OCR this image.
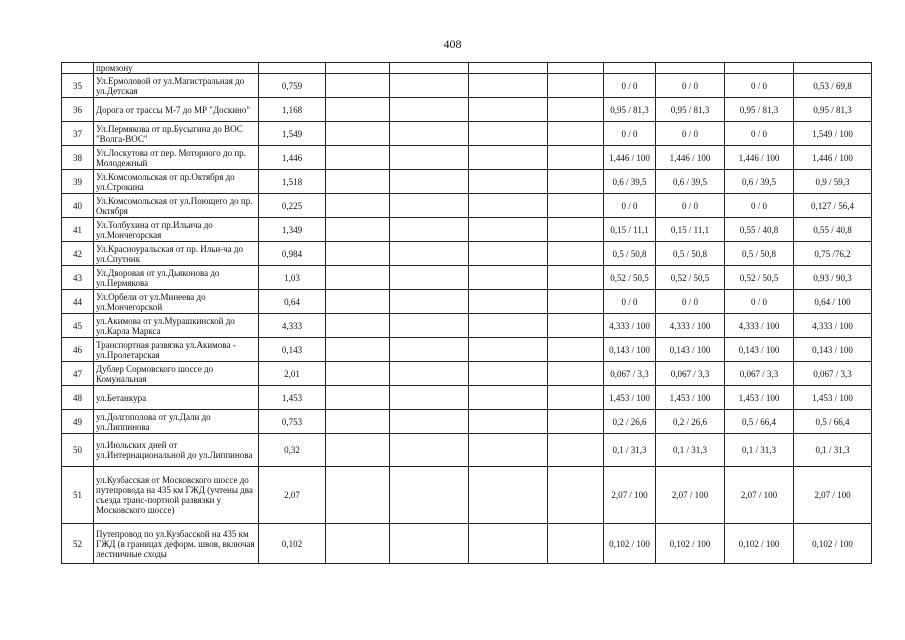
408
	промзону									
35	Ул.Ермоловой от ул.Магистральная до ул.Детская	0,759					0 / 0	0 / 0	0 / 0	0,53 / 69,8
36	Дорога от трассы М-7 до МР "Доскино"	1,168					0,95 / 81,3	0,95 / 81,3	0,95 / 81,3	0,95 / 81,3
37	Ул.Пермякова от пр.Бусыгина до ВОС "Волга-ВОС"	1,549					0 / 0	0 / 0	0 / 0	1,549 / 100
38	Ул.Лоскутова от пер. Моторного до пр. Молодежный	1,446					1,446 / 100	1,446 / 100	1,446 / 100	1,446 / 100
39	Ул.Комсомольская от пр.Октября до ул.Строкина	1,518					0,6 / 39,5	0,6 / 39,5	0,6 / 39,5	0,9 / 59,3
40	Ул.Комсомольская от ул.Поющего до пр. Октября	0,225					0 / 0	0 / 0	0 / 0	0,127 / 56,4
41	Ул.Толбухина от пр.Ильича до ул.Мончегорская	1,349					0,15 / 11,1	0,15 / 11,1	0,55 / 40,8	0,55 / 40,8
42	Ул.Красноуральская от пр. Ильи-ча до ул.Спутник	0,984					0,5 / 50,8	0,5 / 50,8	0,5 / 50,8	0,75 /76,2
43	Ул.Дворовая от ул.Дьяконова до ул.Пермякова	1,03					0,52 / 50,5	0,52 / 50,5	0,52 / 50,5	0,93 / 90,3
44	Ул.Орбели от ул.Минеева до ул.Мончегорской	0,64					0 / 0	0 / 0	0 / 0	0,64 / 100
45	ул.Акимова от ул.Мурашкинской до ул.Карла Маркса	4,333					4,333 / 100	4,333 / 100	4,333 / 100	4,333 / 100
46	Транспортная развязка ул.Акимова - ул.Пролетарская	0,143					0,143 / 100	0,143 / 100	0,143 / 100	0,143 / 100
47	Дублер Сормовского шоссе до Комунальная	2,01					0,067 / 3,3	0,067 / 3,3	0,067 / 3,3	0,067 / 3,3
48	ул.Бетанкура	1,453					1,453 / 100	1,453 / 100	1,453 / 100	1,453 / 100
49	ул.Долгополова от ул.Дали до ул.Липпинова	0,753					0,2 / 26,6	0,2 / 26,6	0,5 / 66,4	0,5 / 66,4
50	ул.Июльских дней от ул.Интернациональной до ул.Липпинова	0,32					0,1 / 31,3	0,1 / 31,3	0,1 / 31,3	0,1 / 31,3
51	ул.Кузбасская от Московского шоссе до путепровода на 435 км ГЖД (учтены два съезда транс-портной развязки у Московского шоссе)	2,07					2,07 / 100	2,07 / 100	2,07 / 100	2,07 / 100
52	Путепровод по ул.Кузбасской на 435 км ГЖД (в границах деформ. швов, включая лестничные сходы	0,102					0,102 / 100	0,102 / 100	0,102 / 100	0,102 / 100
